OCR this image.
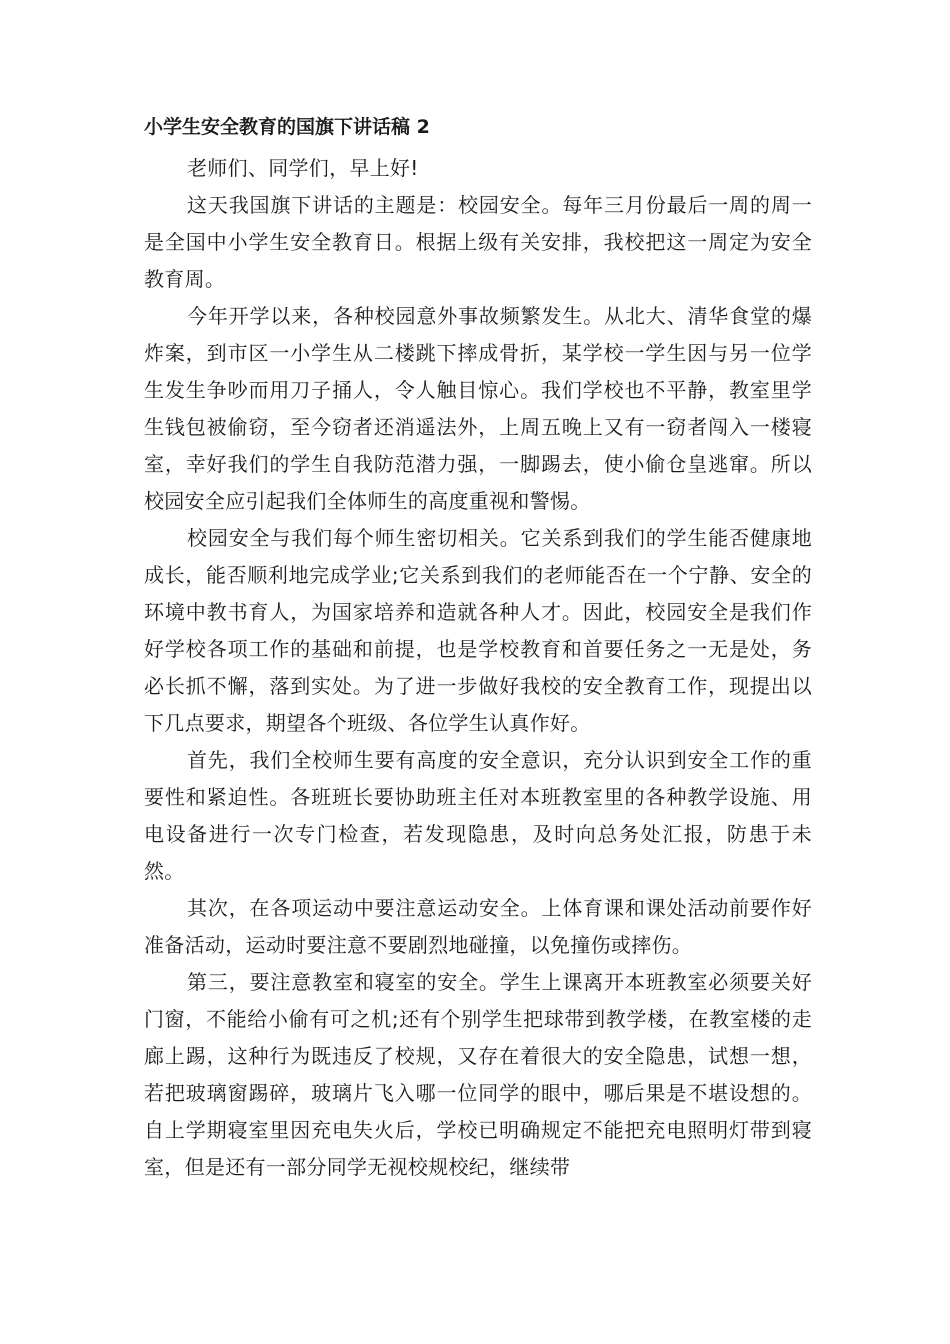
小学生安全教育的国旗下讲话稿 2

老师们、同学们，早上好!

这天我国旗下讲话的主题是：校园安全。每年三月份最后一周的周一是全国中小学生安全教育日。根据上级有关安排，我校把这一周定为安全教育周。

今年开学以来，各种校园意外事故频繁发生。从北大、清华食堂的爆炸案，到市区一小学生从二楼跳下摔成骨折，某学校一学生因与另一位学生发生争吵而用刀子捅人，令人触目惊心。我们学校也不平静，教室里学生钱包被偷窃，至今窃者还消遥法外，上周五晚上又有一窃者闯入一楼寝室，幸好我们的学生自我防范潜力强，一脚踢去，使小偷仓皇逃窜。所以校园安全应引起我们全体师生的高度重视和警惕。

校园安全与我们每个师生密切相关。它关系到我们的学生能否健康地成长，能否顺利地完成学业;它关系到我们的老师能否在一个宁静、安全的环境中教书育人，为国家培养和造就各种人才。因此，校园安全是我们作好学校各项工作的基础和前提，也是学校教育和首要任务之一无是处，务必长抓不懈，落到实处。为了进一步做好我校的安全教育工作，现提出以下几点要求，期望各个班级、各位学生认真作好。

首先，我们全校师生要有高度的安全意识，充分认识到安全工作的重要性和紧迫性。各班班长要协助班主任对本班教室里的各种教学设施、用电设备进行一次专门检查，若发现隐患，及时向总务处汇报，防患于未然。

其次，在各项运动中要注意运动安全。上体育课和课处活动前要作好准备活动，运动时要注意不要剧烈地碰撞，以免撞伤或摔伤。

第三，要注意教室和寝室的安全。学生上课离开本班教室必须要关好门窗，不能给小偷有可之机;还有个别学生把球带到教学楼，在教室楼的走廊上踢，这种行为既违反了校规，又存在着很大的安全隐患，试想一想，若把玻璃窗踢碎，玻璃片飞入哪一位同学的眼中，哪后果是不堪设想的。自上学期寝室里因充电失火后，学校已明确规定不能把充电照明灯带到寝室，但是还有一部分同学无视校规校纪，继续带
